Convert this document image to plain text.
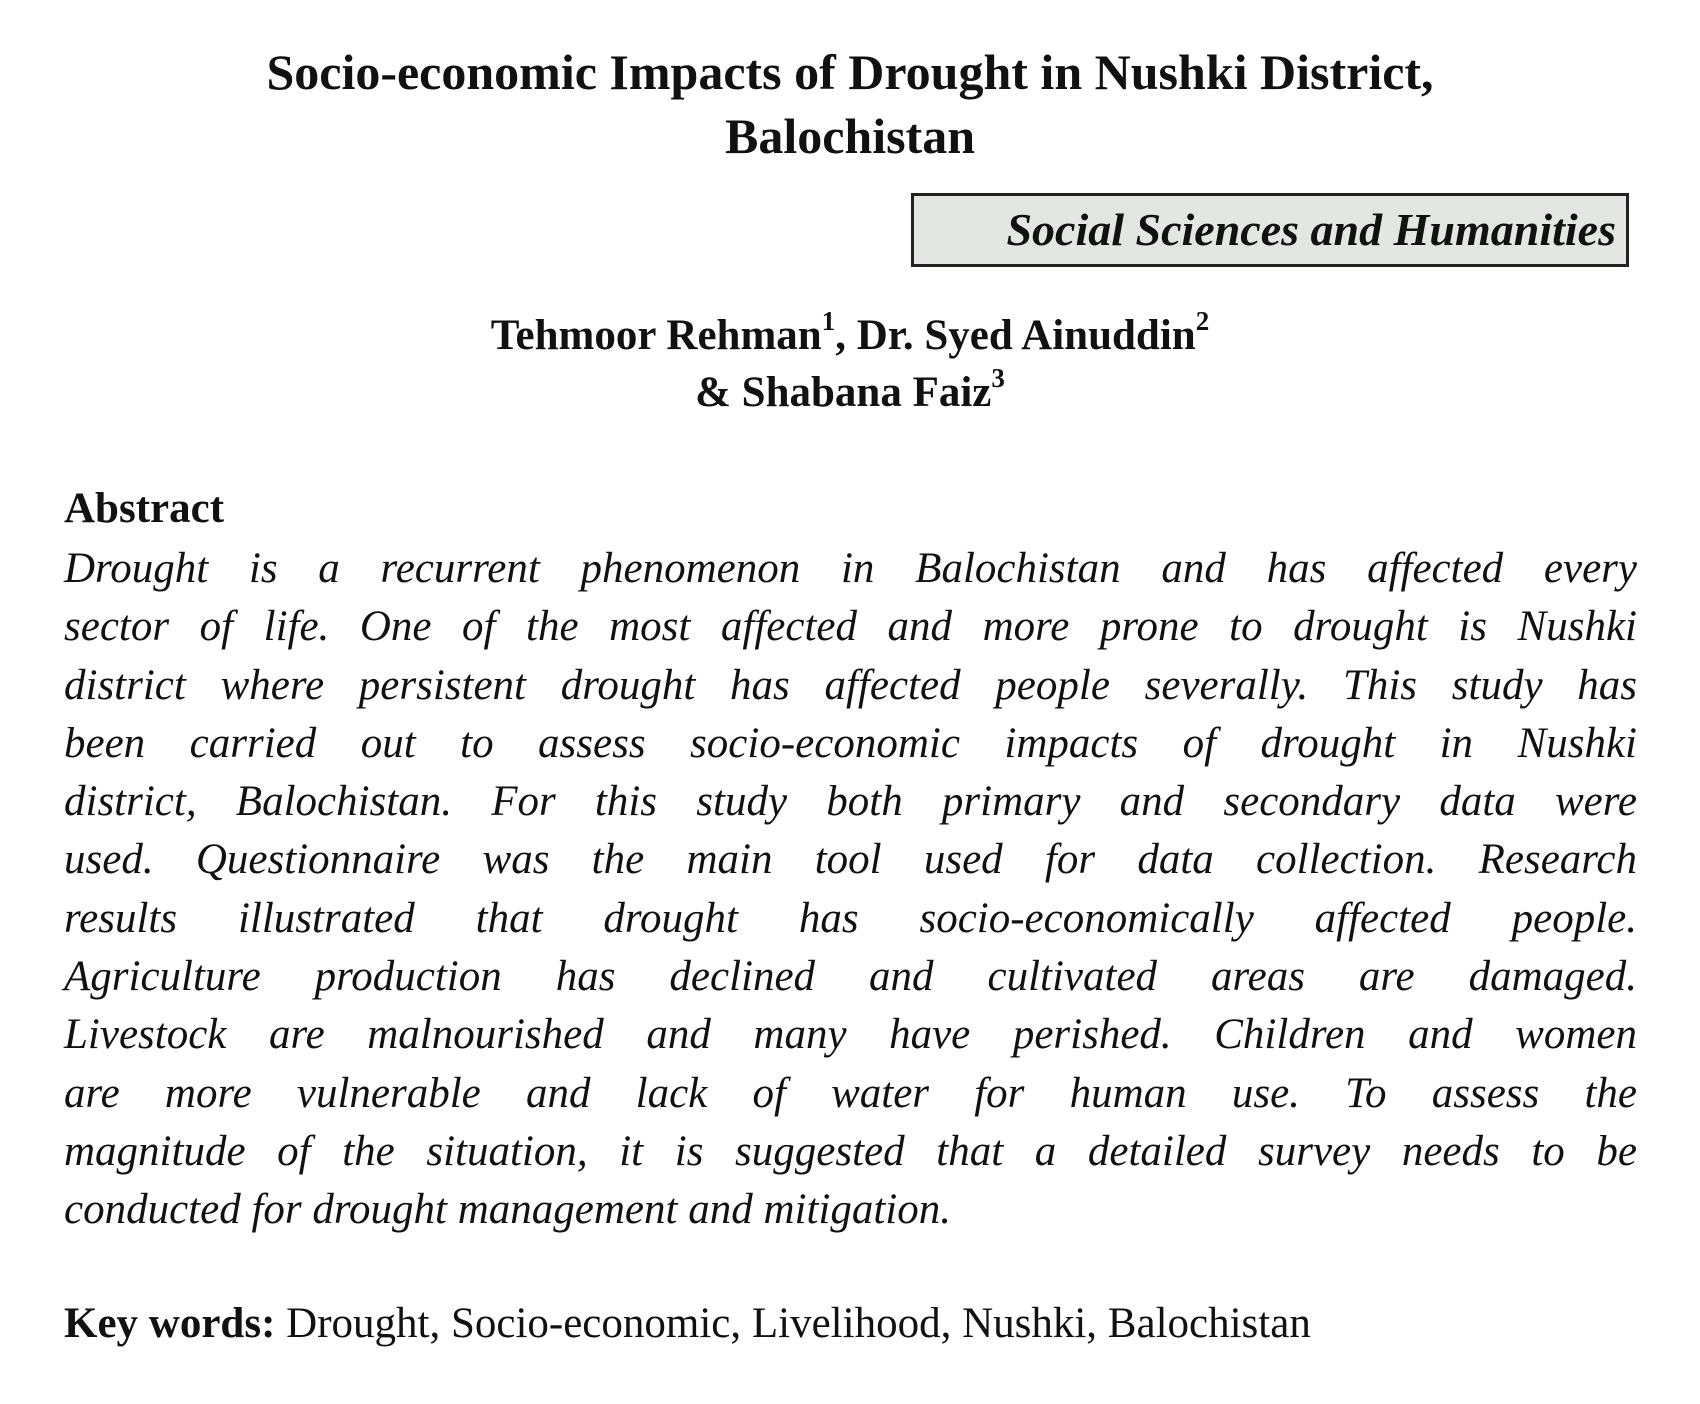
Socio-economic Impacts of Drought in Nushki District,
Balochistan
Social Sciences and Humanities
Tehmoor Rehman$^1$, Dr. Syed Ainuddin$^2$
& Shabana Faiz$^3$
Abstract
Drought is a recurrent phenomenon in Balochistan and has affected every
sector of life. One of the most affected and more prone to drought is Nushki
district where persistent drought has affected people severally. This study has
been carried out to assess socio-economic impacts of drought in Nushki
district, Balochistan. For this study both primary and secondary data were
used. Questionnaire was the main tool used for data collection. Research
results illustrated that drought has socio-economically affected people.
Agriculture production has declined and cultivated areas are damaged.
Livestock are malnourished and many have perished. Children and women
are more vulnerable and lack of water for human use. To assess the
magnitude of the situation, it is suggested that a detailed survey needs to be
conducted for drought management and mitigation.

Key words: Drought, Socio-economic, Livelihood, Nushki, Balochistan
